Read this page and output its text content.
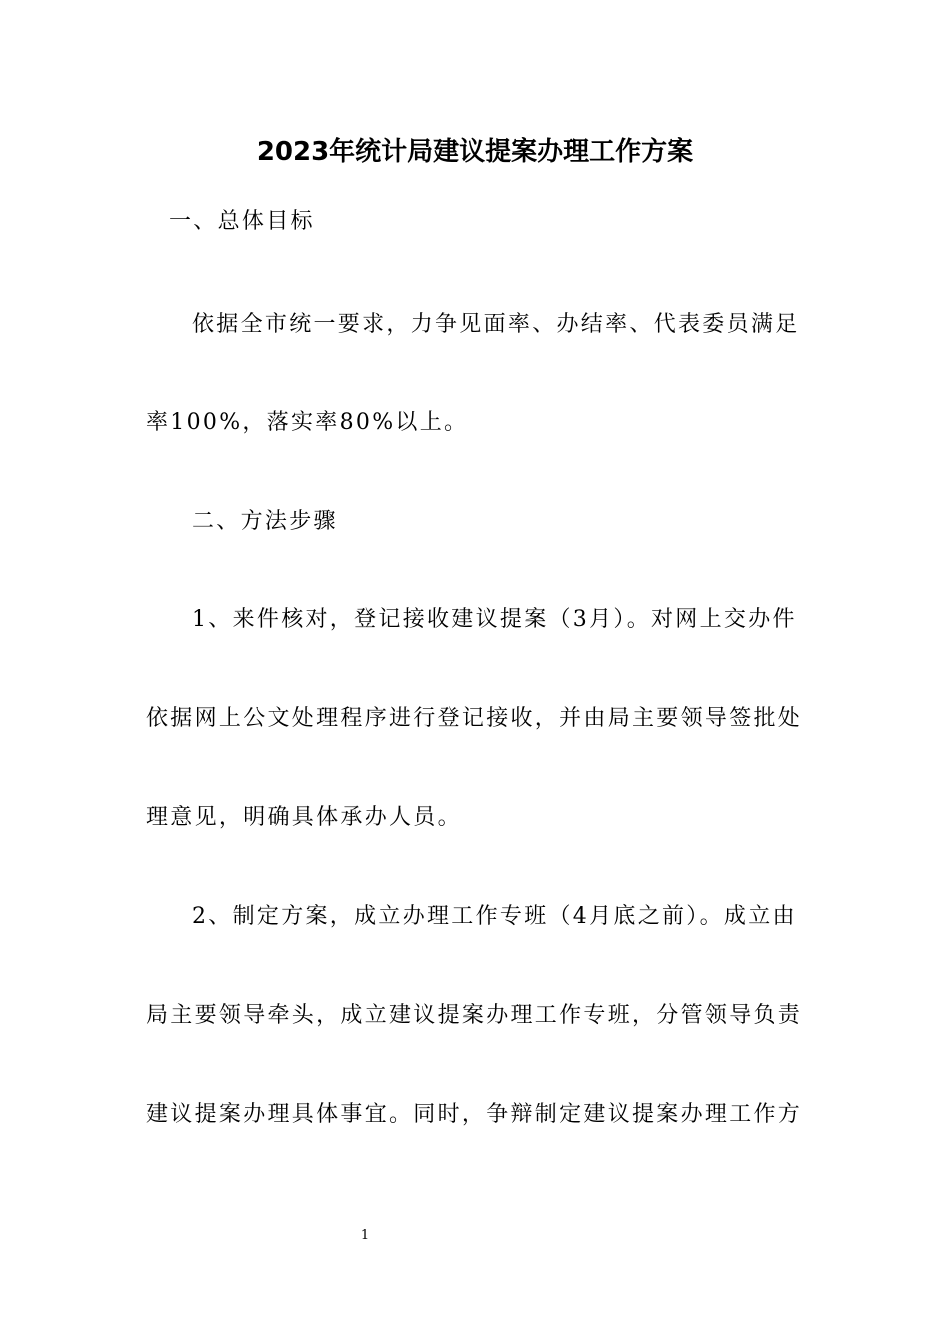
2023年统计局建议提案办理工作方案
一、总体目标
依据全市统一要求，力争见面率、办结率、代表委员满足
率100%，落实率80%以上。
二、方法步骤
1、来件核对，登记接收建议提案（3月）。对网上交办件
依据网上公文处理程序进行登记接收，并由局主要领导签批处
理意见，明确具体承办人员。
2、制定方案，成立办理工作专班（4月底之前）。成立由
局主要领导牵头，成立建议提案办理工作专班，分管领导负责
建议提案办理具体事宜。同时，争辩制定建议提案办理工作方
1
